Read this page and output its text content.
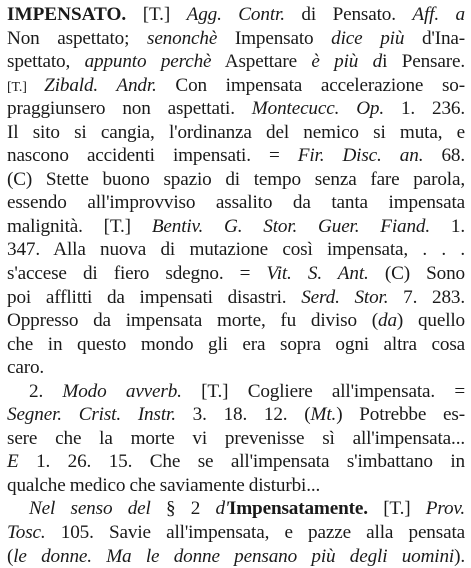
IMPENSATO. [T.] Agg. Contr. di Pensato. Aff. a
Non aspettato; senonchè Impensato dice più d'Ina-
spettato, appunto perchè Aspettare è più di Pensare.
[T.] Zibald. Andr. Con impensata accelerazione so-
praggiunsero non aspettati. Montecucc. Op. 1. 236.
Il sito si cangia, l'ordinanza del nemico si muta, e
nascono accidenti impensati. = Fir. Disc. an. 68.
(C) Stette buono spazio di tempo senza fare parola,
essendo all'improvviso assalito da tanta impensata
malignità. [T.] Bentiv. G. Stor. Guer. Fiand. 1.
347. Alla nuova di mutazione così impensata, . . .
s'accese di fiero sdegno. = Vit. S. Ant. (C) Sono
poi afflitti da impensati disastri. Serd. Stor. 7. 283.
Oppresso da impensata morte, fu diviso (da) quello
che in questo mondo gli era sopra ogni altra cosa
caro.
2. Modo avverb. [T.] Cogliere all'impensata. =
Segner. Crist. Instr. 3. 18. 12. (Mt.) Potrebbe es-
sere che la morte vi prevenisse sì all'impensata...
E 1. 26. 15. Che se all'impensata s'imbattano in
qualche medico che saviamente disturbi...
Nel senso del § 2 d'Impensatamente. [T.] Prov.
Tosc. 105. Savie all'impensata, e pazze alla pensata
(le donne. Ma le donne pensano più degli uomini).
